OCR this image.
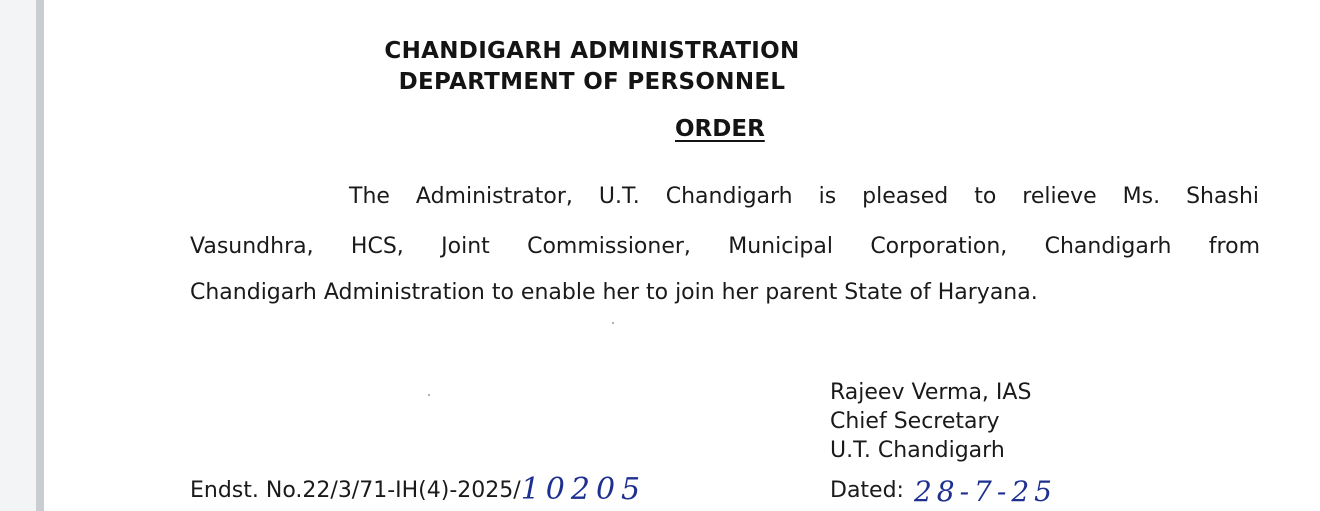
CHANDIGARH ADMINISTRATION

DEPARTMENT OF PERSONNEL

ORDER

The Administrator, U.T. Chandigarh is pleased to relieve Ms. Shashi

Vasundhra, HCS, Joint Commissioner, Municipal Corporation, Chandigarh from

Chandigarh Administration to enable her to join her parent State of Haryana.

Rajeev Verma, IAS

Chief Secretary

U.T. Chandigarh

Endst. No.22/3/71-IH(4)-2025/10205	Dated: 28-7-25
